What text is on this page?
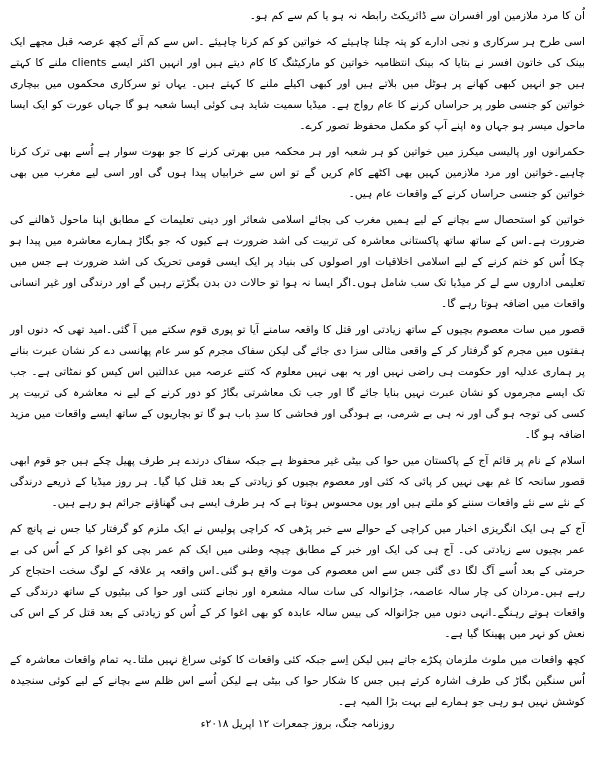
اُن کا مرد ملازمین اور افسران سے ڈائریکٹ رابطہ نہ ہو یا کم سے کم ہو۔

اسی طرح ہر سرکاری و نجی ادارے کو پتہ چلنا چاہیئے کہ خواتین کو کم کرنا چاہیئے ۔اس سے کم آئے کچھ عرصہ قبل مجھے ایک بینک کی خاتون افسر نے بتایا کہ بینک انتظامیہ خواتین کو مارکیٹنگ کا کام دیتے ہیں اور انہیں اکثر ایسے clients ملنے کا کہتے ہیں جو انہیں کبھی کھانے پر ہوٹل میں بلاتے ہیں اور کبھی اکیلے ملنے کا کہتے ہیں۔ یہاں تو سرکاری محکموں میں بیچاری خواتین کو جنسی طور پر حراساں کرنے کا عام رواج ہے۔ میڈیا سمیت شاید ہی کوئی ایسا شعبہ ہو گا جہاں عورت کو ایک ایسا ماحول میسر ہو جہاں وہ اپنے آپ کو مکمل محفوظ تصور کرے۔

حکمرانوں اور پالیسی میکرز میں خواتین کو ہر شعبہ اور ہر محکمہ میں بھرتی کرنے کا جو بھوت سوار ہے اُسے بھی ترک کرنا چاہیے۔خواتین اور مرد ملازمین کہیں بھی اکٹھے کام کریں گے تو اس سے خرابیاں پیدا ہوں گی اور اسی لیے مغرب میں بھی خواتین کو جنسی حراساں کرنے کے واقعات عام ہیں۔

خواتین کو استحصال سے بچانے کے لیے ہمیں مغرب کی بجائے اسلامی شعائر اور دینی تعلیمات کے مطابق اپنا ماحول ڈھالنے کی ضرورت ہے۔اس کے ساتھ ساتھ پاکستانی معاشرہ کی تربیت کی اشد ضرورت ہے کیوں کہ جو بگاڑ ہمارے معاشرہ میں پیدا ہو چکا اُس کو ختم کرنے کے لیے اسلامی اخلاقیات اور اصولوں کی بنیاد پر ایک ایسی قومی تحریک کی اشد ضرورت ہے جس میں تعلیمی اداروں سے لے کر میڈیا تک سب شامل ہوں۔اگر ایسا نہ ہوا تو حالات دن بدن بگڑتے رہیں گے اور درندگی اور غیر انسانی واقعات میں اضافہ ہوتا رہے گا۔

قصور میں سات معصوم بچیوں کے ساتھ زیادتی اور قتل کا واقعہ سامنے آیا تو پوری قوم سکتے میں آ گئی۔امید تھی کہ دنوں اور ہفتوں میں مجرم کو گرفتار کر کے واقعی مثالی سزا دی جائے گی لیکن سفاک مجرم کو سر عام پھانسی دے کر نشان عبرت بنانے پر ہماری عدلیہ اور حکومت ہی راضی نہیں اور یہ بھی نہیں معلوم کہ کتنے عرصہ میں عدالتیں اس کیس کو نمٹاتی ہے۔ جب تک ایسے مجرموں کو نشان عبرت نہیں بنایا جائے گا اور جب تک معاشرتی بگاڑ کو دور کرنے کے لیے نہ معاشرہ کی تربیت پر کسی کی توجہ ہو گی اور نہ ہی بے شرمی، بے ہودگی اور فحاشی کا سدِ باب ہو گا تو بچاریوں کے ساتھ ایسے واقعات میں مزید اضافہ ہو گا۔

اسلام کے نام پر قائم آج کے پاکستان میں حوا کی بیٹی غیر محفوظ ہے جبکہ سفاک درندے ہر طرف پھیل چکے ہیں جو قوم ابھی قصور سانحہ کا غم بھی نہیں کر پائی کہ کئی اور معصوم بچیوں کو زیادتی کے بعد قتل کیا گیا۔ ہر روز میڈیا کے ذریعے درندگی کے نئے سے نئے واقعات سننے کو ملتے ہیں اور یوں محسوس ہوتا ہے کہ ہر طرف ایسے ہی گھناؤنے جرائم ہو رہے ہیں۔

آج کے ہی ایک انگریزی اخبار میں کراچی کے حوالے سے خبر پڑھی کہ کراچی پولیس نے ایک ملزم کو گرفتار کیا جس نے پانچ کم عمر بچیوں سے زیادتی کی۔ آج ہی کی ایک اور خبر کے مطابق چیچہ وطنی میں ایک کم عمر بچی کو اغوا کر کے اُس کی بے حرمتی کے بعد اُسے آگ لگا دی گئی جس سے اس معصوم کی موت واقع ہو گئی۔اس واقعہ پر علاقہ کے لوگ سخت احتجاج کر رہے ہیں۔مردان کی چار سالہ عاصمہ، جڑانوالہ کی سات سالہ مشعرہ اور نجانے کتنی اور حوا کی بیٹیوں کے ساتھ درندگی کے واقعات ہوتے رہنگے۔انہی دنوں میں جڑانوالہ کی بیس سالہ عابدہ کو بھی اغوا کر کے اُس کو زیادتی کے بعد قتل کر کے اس کی نعش کو نہر میں پھینکا گیا ہے۔

کچھ واقعات میں ملوث ملزمان پکڑے جاتے ہیں لیکن اِسے جبکہ کئی واقعات کا کوئی سراغ نہیں ملتا۔یہ تمام واقعات معاشرہ کے اُس سنگین بگاڑ کی طرف اشارہ کرتے ہیں جس کا شکار حوا کی بیٹی ہے لیکن اُسے اس ظلم سے بچانے کے لیے کوئی سنجیدہ کوشش نہیں ہو رہی جو ہمارے لیے بہت بڑا المیہ ہے۔

روزنامہ جنگ، بروز جمعرات ۱۲ اپریل ۲۰۱۸ء
